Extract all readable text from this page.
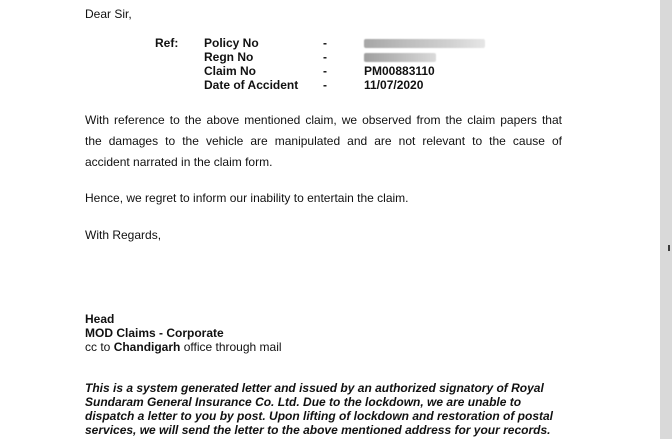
Dear Sir,
Ref: Policy No	-
Regn No	-
Claim No	-	PM00883110
Date of Accident -	11/07/2020
With reference to the above mentioned claim, we observed from the claim papers that
the damages to the vehicle are manipulated and are not relevant to the cause of
accident narrated in the claim form.
Hence, we regret to inform our inability to entertain the claim.
With Regards,
Head
MOD Claims - Corporate
cc to Chandigarh office through mail
This is a system generated letter and issued by an authorized signatory of Royal
Sundaram General Insurance Co. Ltd. Due to the lockdown, we are unable to
dispatch a letter to you by post. Upon lifting of lockdown and restoration of postal
services, we will send the letter to the above mentioned address for your records.
